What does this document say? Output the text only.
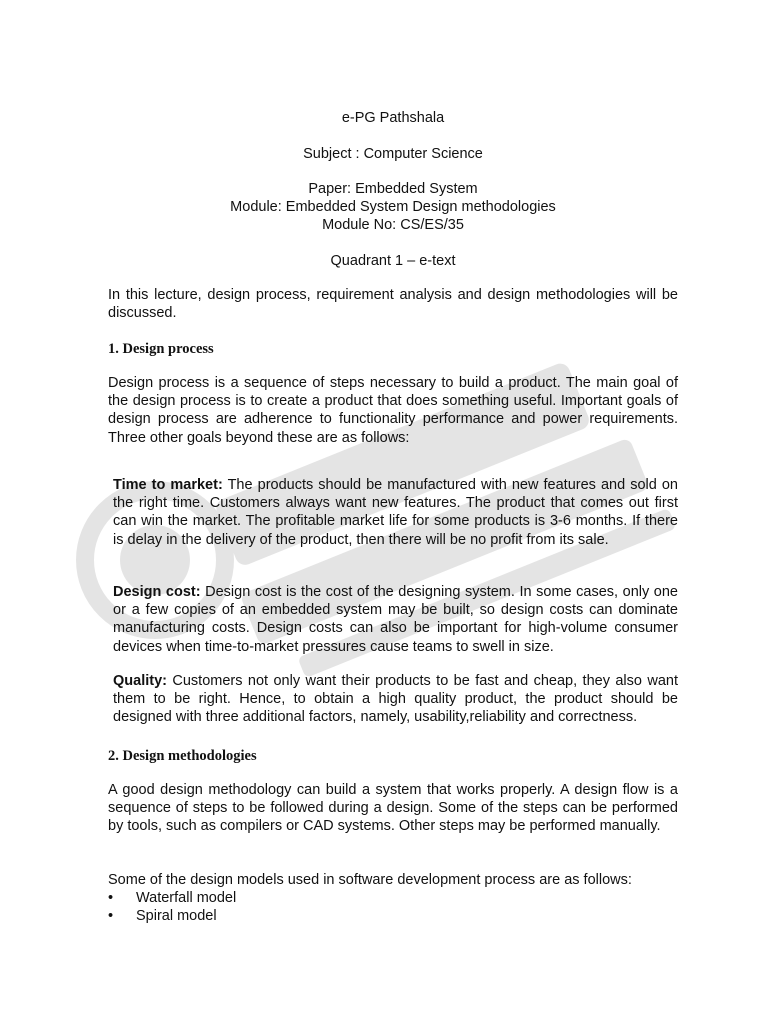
e-PG Pathshala
Subject : Computer Science
Paper: Embedded System
Module: Embedded System Design methodologies
Module No: CS/ES/35
Quadrant 1 – e-text
In this lecture, design process, requirement analysis and design methodologies will be discussed.
1. Design process
Design process is a sequence of steps necessary to build a product. The main goal of the design process is to create a product that does something useful. Important goals of design process are adherence to functionality performance and power requirements. Three other goals beyond these are as follows:
Time to market: The products should be manufactured with new features and sold on the right time. Customers always want new features. The product that comes out first can win the market. The profitable market life for some products is 3-6 months. If there is delay in the delivery of the product, then there will be no profit from its sale.
Design cost: Design cost is the cost of the designing system. In some cases, only one or a few copies of an embedded system may be built, so design costs can dominate manufacturing costs. Design costs can also be important for high-volume consumer devices when time-to-market pressures cause teams to swell in size.
Quality: Customers not only want their products to be fast and cheap, they also want them to be right. Hence, to obtain a high quality product, the product should be designed with three additional factors, namely, usability,reliability and correctness.
2. Design methodologies
A good design methodology can build a system that works properly. A design flow is a sequence of steps to be followed during a design. Some of the steps can be performed by tools, such as compilers or CAD systems. Other steps may be performed manually.
Some of the design models used in software development process are as follows:
• Waterfall model
• Spiral model
